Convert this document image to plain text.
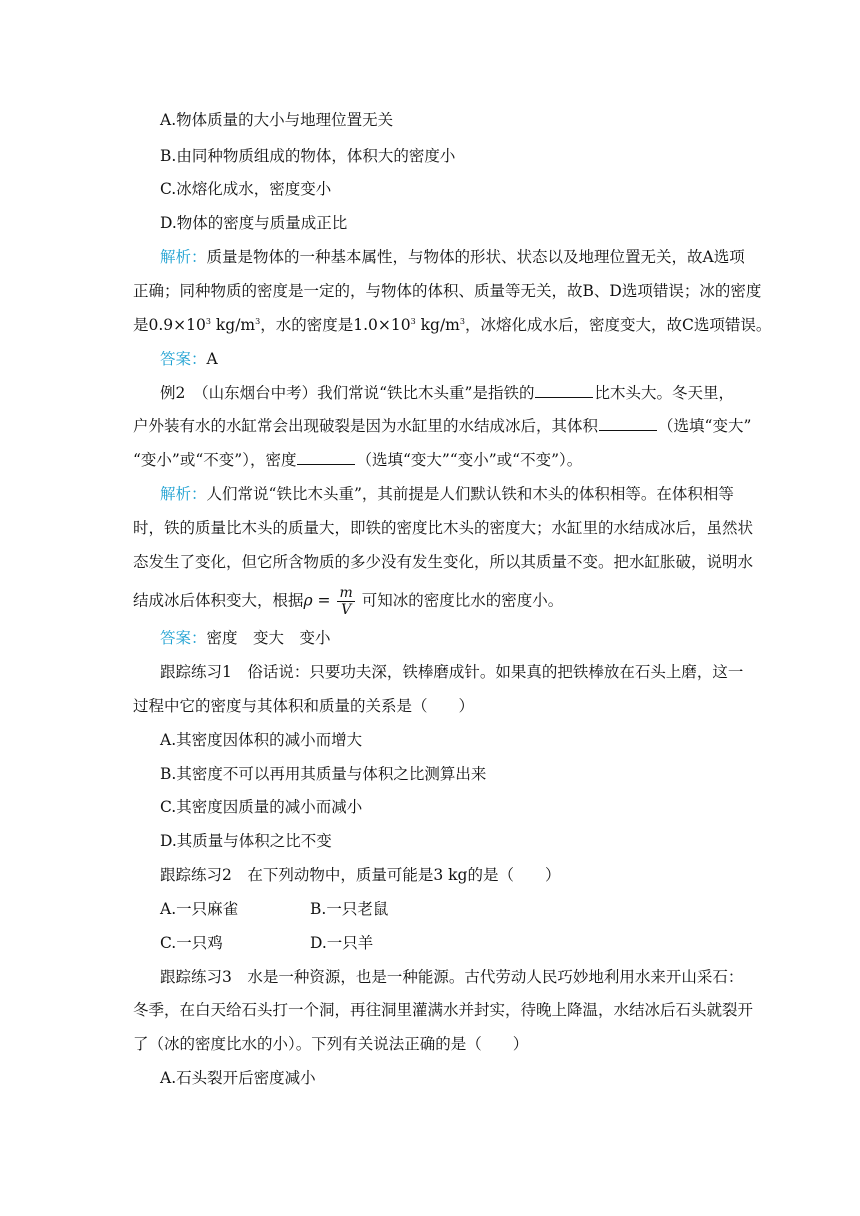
A.物体质量的大小与地理位置无关
B.由同种物质组成的物体，体积大的密度小
C.冰熔化成水，密度变小
D.物体的密度与质量成正比
解析：质量是物体的一种基本属性，与物体的形状、状态以及地理位置无关，故A选项
正确；同种物质的密度是一定的，与物体的体积、质量等无关，故B、D选项错误；冰的密度
是$0.9\times 10^3$ $kg/m^3$，水的密度是$1.0\times 10^3$ $kg/m^3$，冰熔化成水后，密度变大，故C选项错误。
答案：A
例2　（山东烟台中考）我们常说“铁比木头重”是指铁的	比木头大。冬天里，
户外装有水的水缸常会出现破裂是因为水缸里的水结成冰后，其体积	（选填“变大”
“变小”或“不变”），密度	（选填“变大”“变小”或“不变”）。
解析：人们常说“铁比木头重”，其前提是人们默认铁和木头的体积相等。在体积相等
时，铁的质量比木头的质量大，即铁的密度比木头的密度大；水缸里的水结成冰后，虽然状
态发生了变化，但它所含物质的多少没有发生变化，所以其质量不变。把水缸胀破，说明水
结成冰后体积变大，根据$\rho = \frac{m}{V}$ 可知冰的密度比水的密度小。
答案：密度　变大　变小
跟踪练习1　俗话说：只要功夫深，铁棒磨成针。如果真的把铁棒放在石头上磨，这一
过程中它的密度与其体积和质量的关系是（　　）
A.其密度因体积的减小而增大
B.其密度不可以再用其质量与体积之比测算出来
C.其密度因质量的减小而减小
D.其质量与体积之比不变
跟踪练习2　在下列动物中，质量可能是3 kg的是（　　）
A.一只麻雀	B.一只老鼠
C.一只鸡	D.一只羊
跟踪练习3　水是一种资源，也是一种能源。古代劳动人民巧妙地利用水来开山采石：
冬季，在白天给石头打一个洞，再往洞里灌满水并封实，待晚上降温，水结冰后石头就裂开
了（冰的密度比水的小）。下列有关说法正确的是（　　）
A.石头裂开后密度减小
